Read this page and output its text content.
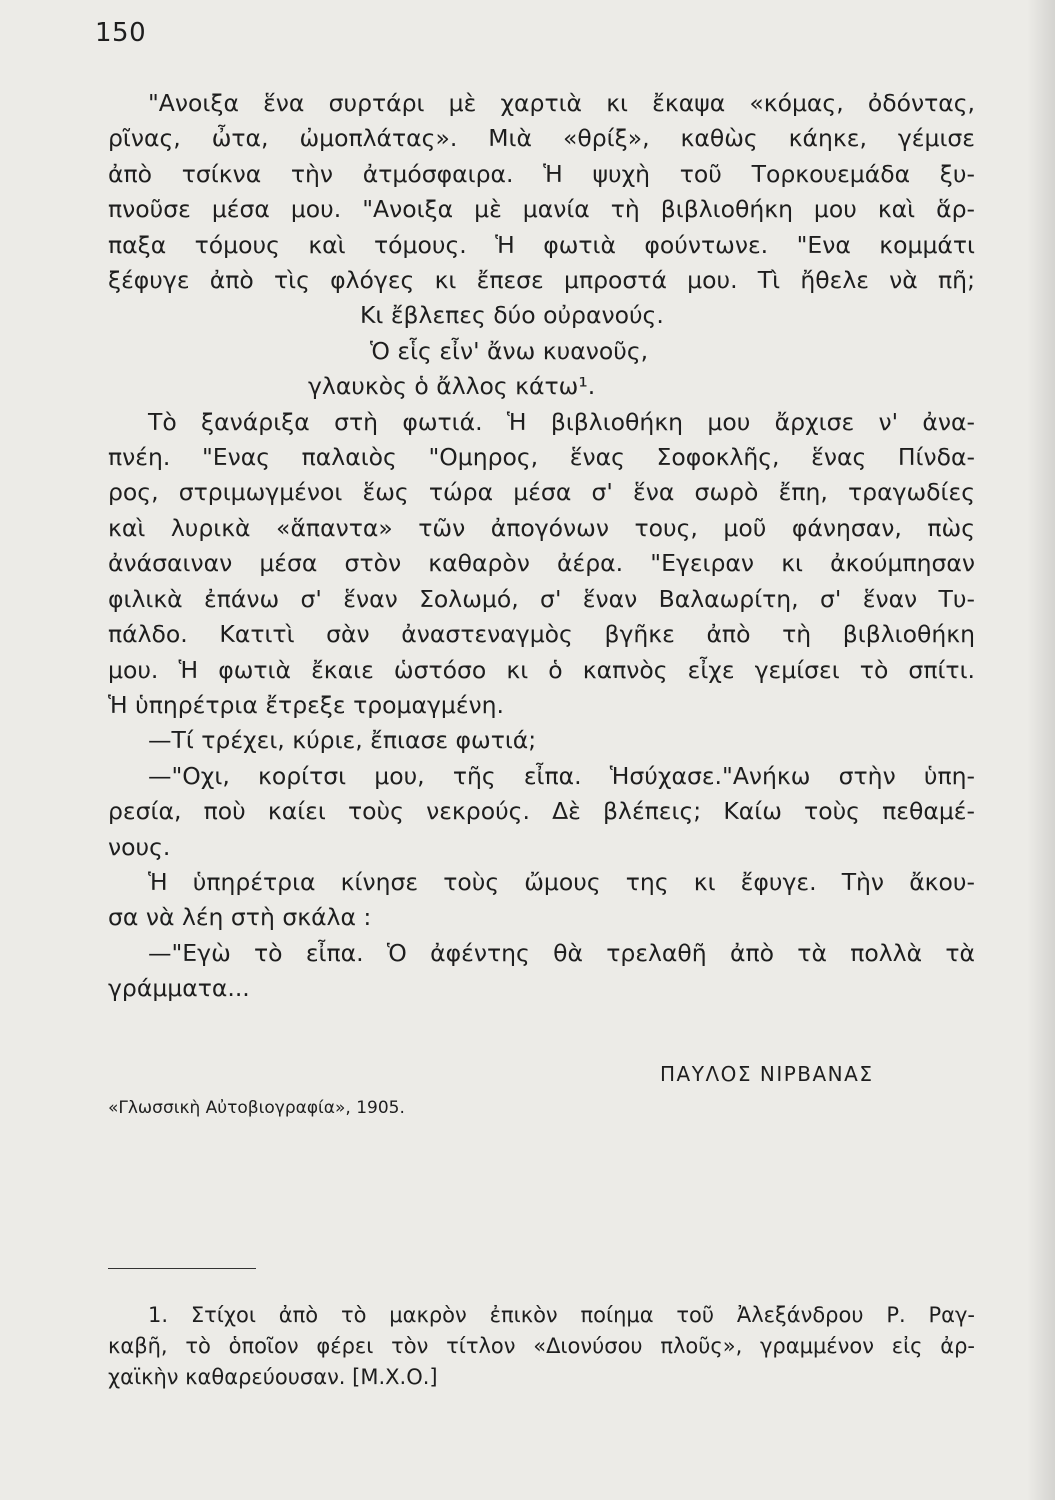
150
"Ανοιξα ἕνα συρτάρι μὲ χαρτιὰ κι ἔκαψα «κόμας, ὀδόντας,
ρῖνας, ὦτα, ὠμοπλάτας». Μιὰ «θρίξ», καθὼς κάηκε, γέμισε
ἀπὸ τσίκνα τὴν ἀτμόσφαιρα. Ἡ ψυχὴ τοῦ Τορκουεμάδα ξυ-
πνοῦσε μέσα μου. "Ανοιξα μὲ μανία τὴ βιβλιοθήκη μου καὶ ἅρ-
παξα τόμους καὶ τόμους. Ἡ φωτιὰ φούντωνε. "Ενα κομμάτι
ξέφυγε ἀπὸ τὶς φλόγες κι ἔπεσε μπροστά μου. Τὶ ἤθελε νὰ πῆ;
Κι ἔβλεπες δύο οὐρανούς.
Ὁ εἷς εἶν' ἄνω κυανοῦς,
γλαυκὸς ὁ ἄλλος κάτω¹.
Τὸ ξανάριξα στὴ φωτιά. Ἡ βιβλιοθήκη μου ἄρχισε ν' ἀνα-
πνέη. "Ενας παλαιὸς "Ομηρος, ἕνας Σοφοκλῆς, ἕνας Πίνδα-
ρος, στριμωγμένοι ἕως τώρα μέσα σ' ἕνα σωρὸ ἔπη, τραγωδίες
καὶ λυρικὰ «ἅπαντα» τῶν ἀπογόνων τους, μοῦ φάνησαν, πὼς
ἀνάσαιναν μέσα στὸν καθαρὸν ἀέρα. "Εγειραν κι ἀκούμπησαν
φιλικὰ ἐπάνω σ' ἕναν Σολωμό, σ' ἕναν Βαλαωρίτη, σ' ἕναν Τυ-
πάλδο. Κατιτὶ σὰν ἀναστεναγμὸς βγῆκε ἀπὸ τὴ βιβλιοθήκη
μου. Ἡ φωτιὰ ἔκαιε ὡστόσο κι ὁ καπνὸς εἶχε γεμίσει τὸ σπίτι.
Ἡ ὑπηρέτρια ἔτρεξε τρομαγμένη.
—Τί τρέχει, κύριε, ἔπιασε φωτιά;
—"Οχι, κορίτσι μου, τῆς εἶπα. Ἡσύχασε."Ανήκω στὴν ὑπη-
ρεσία, ποὺ καίει τοὺς νεκρούς. Δὲ βλέπεις; Καίω τοὺς πεθαμέ-
νους.
Ἡ ὑπηρέτρια κίνησε τοὺς ὤμους της κι ἔφυγε. Τὴν ἄκου-
σα νὰ λέη στὴ σκάλα :
—"Εγὼ τὸ εἶπα. Ὁ ἀφέντης θὰ τρελαθῆ ἀπὸ τὰ πολλὰ τὰ
γράμματα...
ΠΑΥΛΟΣ ΝΙΡΒΑΝΑΣ
«Γλωσσικὴ Αὐτοβιογραφία», 1905.
1. Στίχοι ἀπὸ τὸ μακρὸν ἐπικὸν ποίημα τοῦ Ἀλεξάνδρου Ρ. Ραγ-
καβῆ, τὸ ὁποῖον φέρει τὸν τίτλον «Διονύσου πλοῦς», γραμμένον εἰς ἀρ-
χαϊκὴν καθαρεύουσαν. [Μ.Χ.Ο.]
